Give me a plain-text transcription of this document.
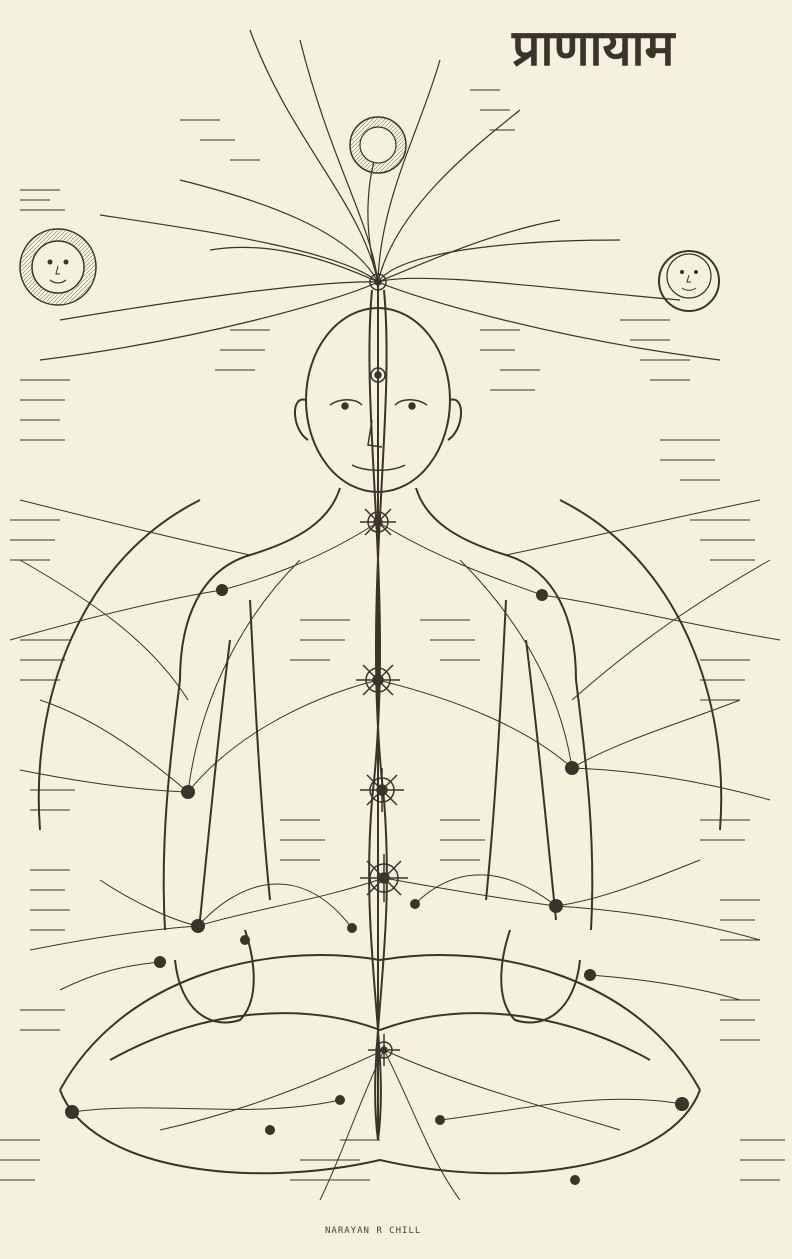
प्राणायाम
NARAYAN R CHILL
